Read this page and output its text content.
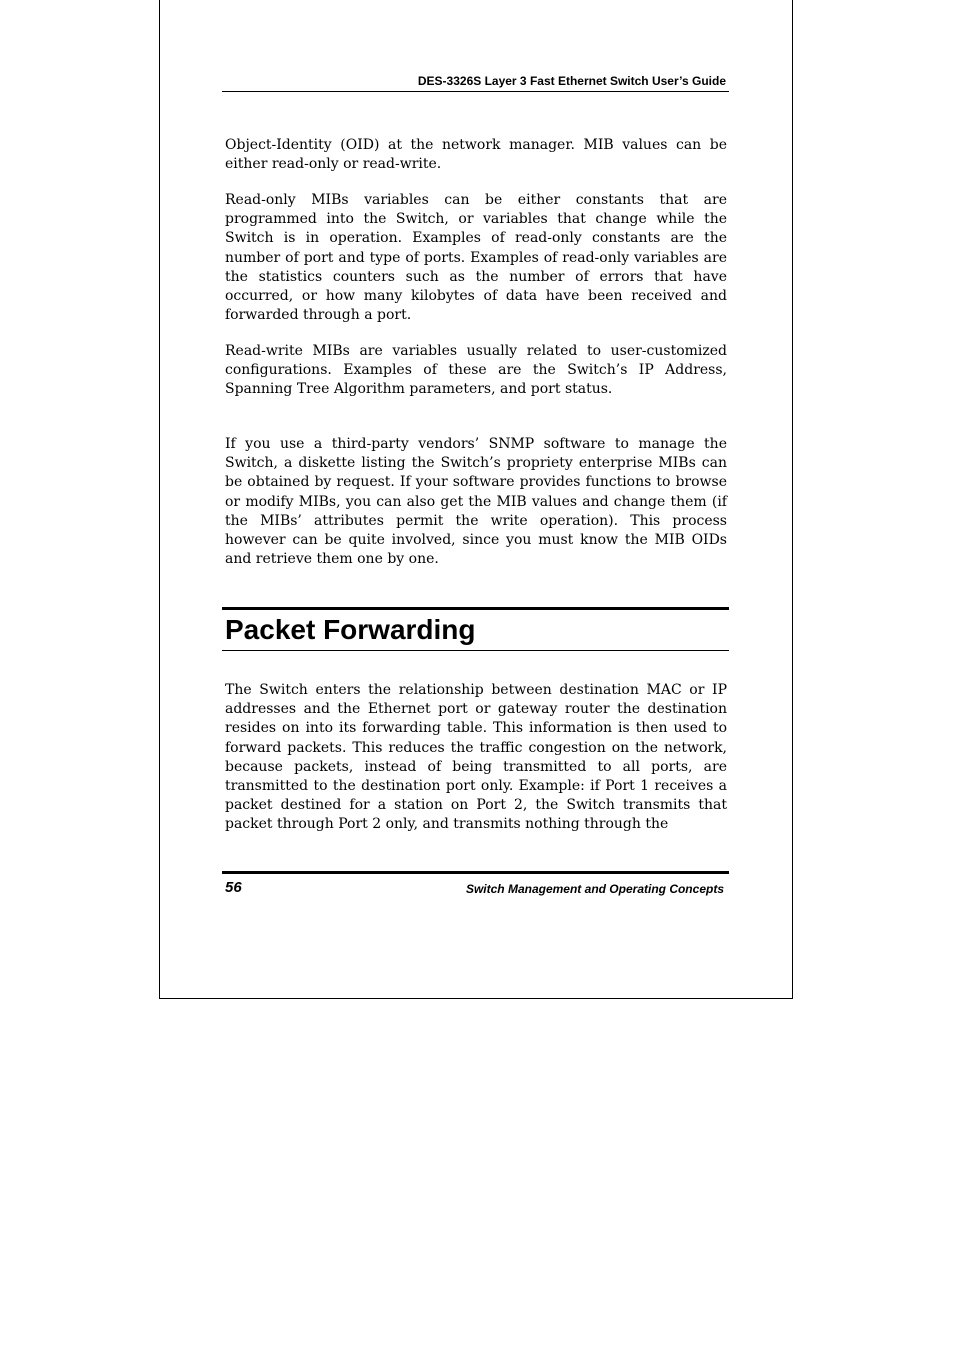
DES-3326S Layer 3 Fast Ethernet Switch User’s Guide

Object-Identity (OID) at the network manager. MIB values can be either read-only or read-write.

Read-only MIBs variables can be either constants that are programmed into the Switch, or variables that change while the Switch is in operation. Examples of read-only constants are the number of port and type of ports. Examples of read-only variables are the statistics counters such as the number of errors that have occurred, or how many kilobytes of data have been received and forwarded through a port.

Read-write MIBs are variables usually related to user-customized configurations. Examples of these are the Switch’s IP Address, Spanning Tree Algorithm parameters, and port status.

If you use a third-party vendors’ SNMP software to manage the Switch, a diskette listing the Switch’s propriety enterprise MIBs can be obtained by request. If your software provides functions to browse or modify MIBs, you can also get the MIB values and change them (if the MIBs’ attributes permit the write operation). This process however can be quite involved, since you must know the MIB OIDs and retrieve them one by one.

Packet Forwarding

The Switch enters the relationship between destination MAC or IP addresses and the Ethernet port or gateway router the destination resides on into its forwarding table. This information is then used to forward packets. This reduces the traffic congestion on the network, because packets, instead of being transmitted to all ports, are transmitted to the destination port only. Example: if Port 1 receives a packet destined for a station on Port 2, the Switch transmits that packet through Port 2 only, and transmits nothing through the

56	Switch Management and Operating Concepts
